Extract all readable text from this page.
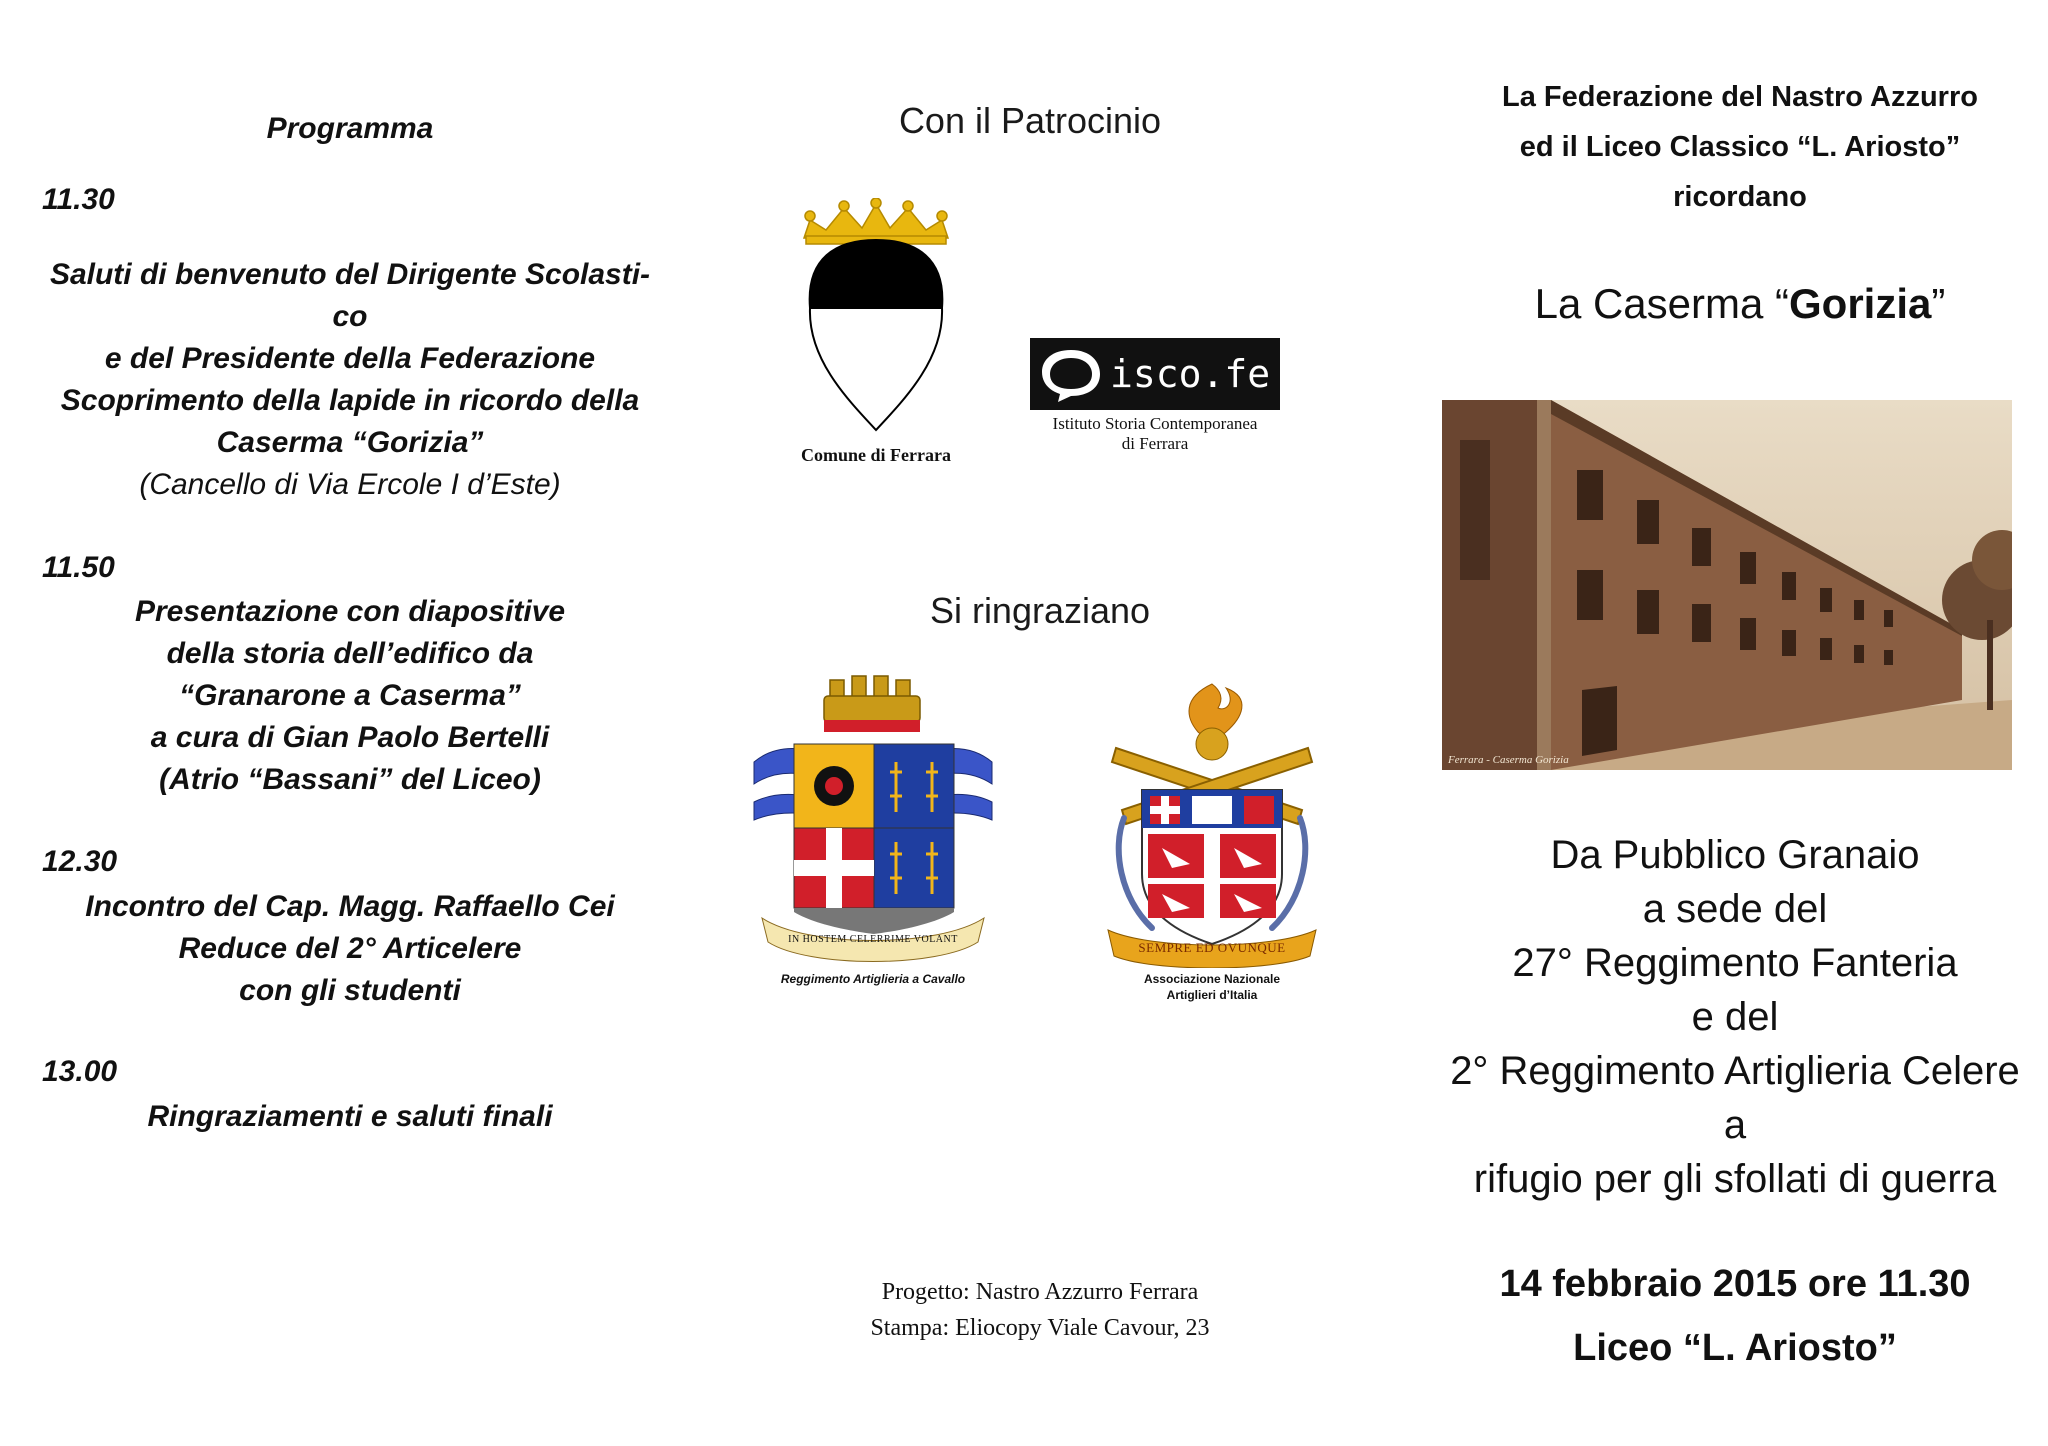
Programma
11.30
Saluti di benvenuto del Dirigente Scolasti-
co
e del Presidente della Federazione
Scoprimento della lapide in ricordo della
Caserma “Gorizia”
(Cancello di Via Ercole I d’Este)
11.50
Presentazione con diapositive
della storia dell’edifico da
“Granarone a Caserma”
a cura di Gian Paolo Bertelli
(Atrio “Bassani” del Liceo)
12.30
Incontro del Cap. Magg. Raffaello Cei
Reduce del 2° Articelere
con gli studenti
13.00
Ringraziamenti e saluti finali
Con il Patrocinio
Comune di Ferrara
isco.fe
Istituto Storia Contemporanea
di Ferrara
Si ringraziano
IN HOSTEM CELERRIME VOLANT
Reggimento Artiglieria a Cavallo
SEMPRE ED OVUNQUE
Associazione Nazionale
Artiglieri d’Italia
Progetto: Nastro Azzurro Ferrara
Stampa: Eliocopy Viale Cavour, 23
La Federazione del Nastro Azzurro
ed il Liceo Classico “L. Ariosto”
ricordano
La Caserma “Gorizia”
Ferrara - Caserma Gorizia
Da Pubblico Granaio
a sede del
27° Reggimento Fanteria
e del
2° Reggimento Artiglieria Celere
a
rifugio per gli sfollati di guerra
14 febbraio 2015 ore 11.30
Liceo “L. Ariosto”
